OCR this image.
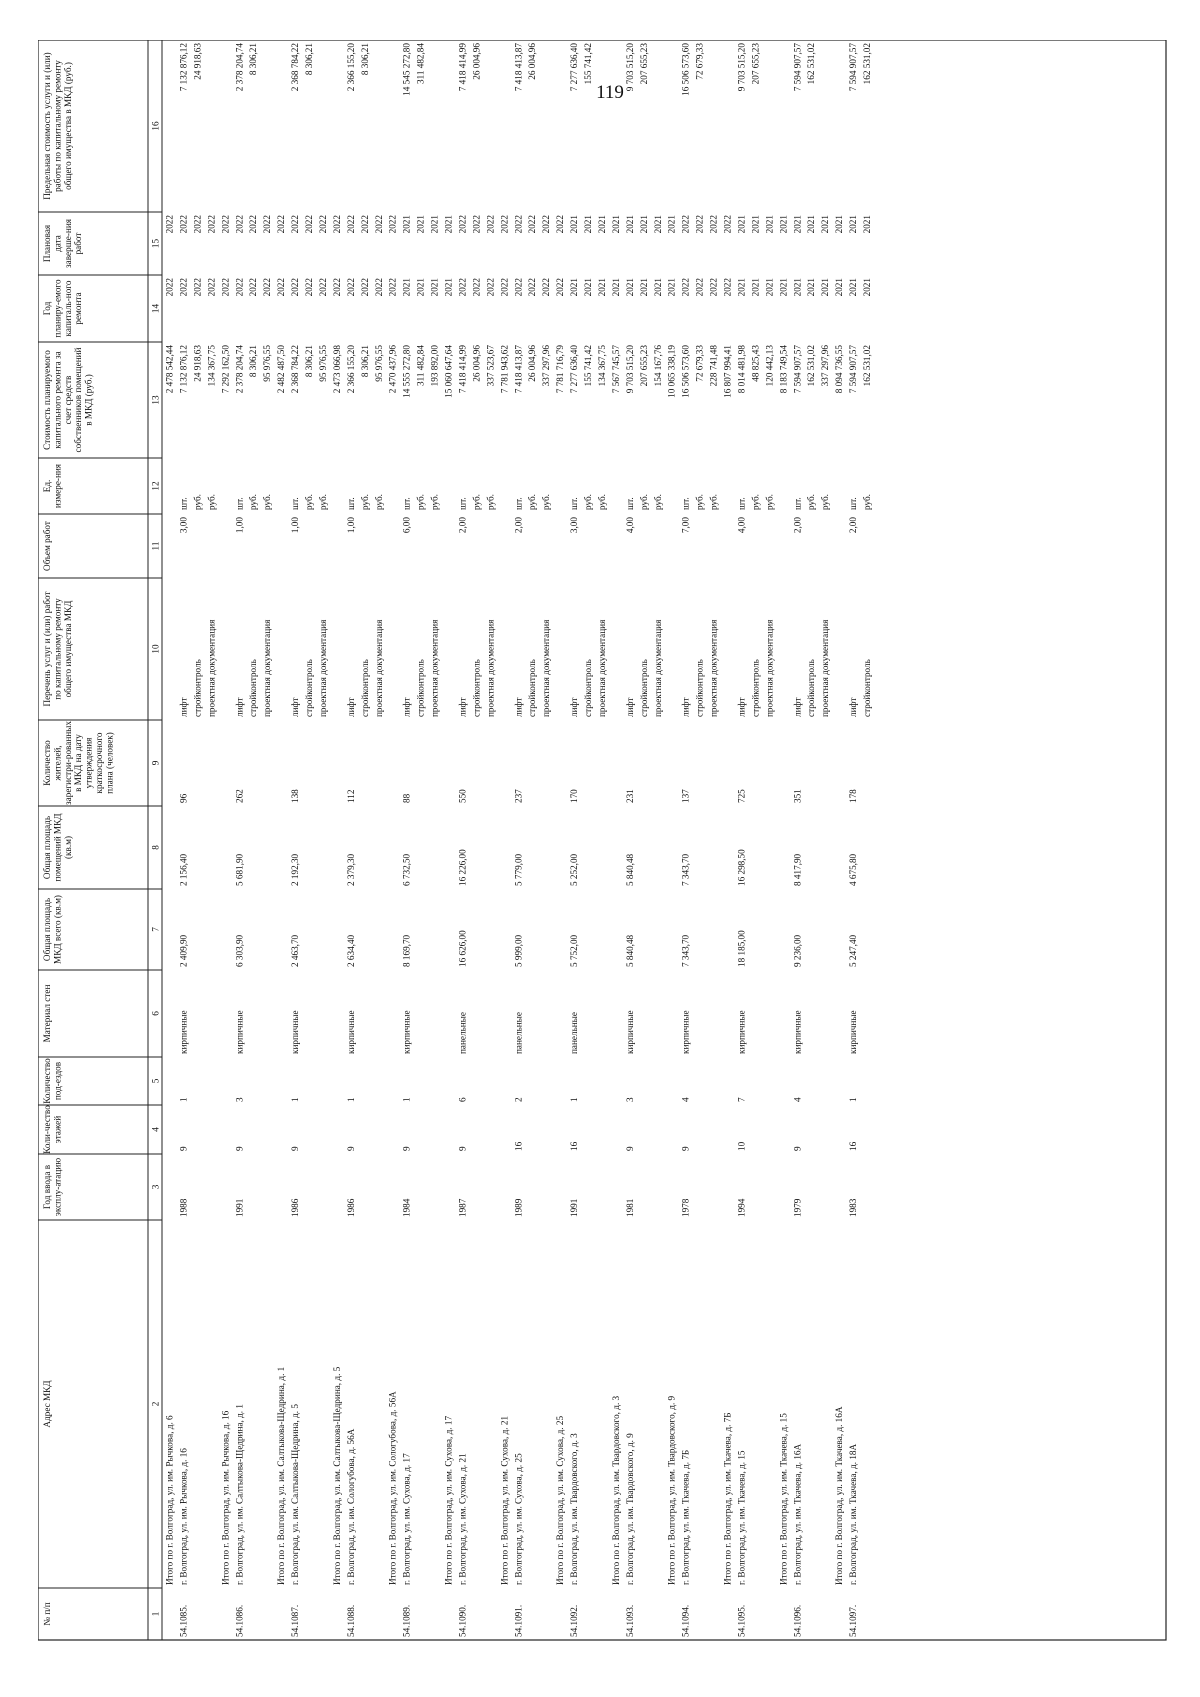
119
№ п/п
Адрес МКД
Год ввода в эксплу-атацию
Коли-чество этажей
Количество под-ездов
Материал стен
Общая площадь МКД всего (кв.м)
Общая площадь помещений МКД (кв.м)
Количество жителей, зарегистри-рованных в МКД на дату утверждения краткосрочного плана (человек)
Перечень услуг и (или) работ по капитальному ремонту общего имущества МКД
Объем работ
Ед. измере-ния
Стоимость планируемого капитального ремонта за счет средств собственников помещений в МКД (руб.)
Год планиру-емого капиталь-ного ремонта
Плановая дата заверше-ния работ
Предельная стоимость услуги и (или) работы по капитальному ремонту общего имущества в МКД (руб.)
1
2
3
4
5
6
7
8
9
10
11
12
13
14
15
16
Итого по г. Волгоград, ул. им. Рычкова, д. 6
2 478 542,44
2022
2022
54.1085.
г. Волгоград, ул. им. Рычкова, д. 16
1988
9
1
кирпичные
2 409,90
2 156,40
96
лифт
3,00
шт.
7 132 876,12
2022
2022
7 132 876,12
стройконтроль
руб.
24 918,63
2022
2022
24 918,63
проектная документация
руб.
134 367,75
2022
2022
Итого по г. Волгоград, ул. им. Рычкова, д. 16
7 292 162,50
2022
2022
54.1086.
г. Волгоград, ул. им. Салтыкова-Щедрина, д. 1
1991
9
3
кирпичные
6 303,90
5 681,90
262
лифт
1,00
шт.
2 378 204,74
2022
2022
2 378 204,74
стройконтроль
руб.
8 306,21
2022
2022
8 306,21
проектная документация
руб.
95 976,55
2022
2022
Итого по г. Волгоград, ул. им. Салтыкова-Щедрина, д. 1
2 482 487,50
2022
2022
54.1087.
г. Волгоград, ул. им. Салтыкова-Щедрина, д. 5
1986
9
1
кирпичные
2 463,70
2 192,30
138
лифт
1,00
шт.
2 368 784,22
2022
2022
2 368 784,22
стройконтроль
руб.
8 306,21
2022
2022
8 306,21
проектная документация
руб.
95 976,55
2022
2022
Итого по г. Волгоград, ул. им. Салтыкова-Щедрина, д. 5
2 473 066,98
2022
2022
54.1088.
г. Волгоград, ул. им. Сологубова, д. 56А
1986
9
1
кирпичные
2 634,40
2 379,30
112
лифт
1,00
шт.
2 366 155,20
2022
2022
2 366 155,20
стройконтроль
руб.
8 306,21
2022
2022
8 306,21
проектная документация
руб.
95 976,55
2022
2022
Итого по г. Волгоград, ул. им. Сологубова, д. 56А
2 470 437,96
2022
2022
54.1089.
г. Волгоград, ул. им. Сухова, д. 17
1984
9
1
кирпичные
8 169,70
6 732,50
88
лифт
6,00
шт.
14 555 272,80
2021
2021
14 545 272,80
стройконтроль
руб.
311 482,84
2021
2021
311 482,84
проектная документация
руб.
193 892,00
2021
2021
Итого по г. Волгоград, ул. им. Сухова, д. 17
15 060 647,64
2021
2021
54.1090.
г. Волгоград, ул. им. Сухова, д. 21
1987
9
6
панельные
16 626,00
16 226,00
550
лифт
2,00
шт.
7 418 414,99
2022
2022
7 418 414,99
стройконтроль
руб.
26 004,96
2022
2022
26 004,96
проектная документация
руб.
337 523,67
2022
2022
Итого по г. Волгоград, ул. им. Сухова, д. 21
7 781 943,62
2022
2022
54.1091.
г. Волгоград, ул. им. Сухова, д. 25
1989
16
2
панельные
5 999,00
5 779,00
237
лифт
2,00
шт.
7 418 413,87
2022
2022
7 418 413,87
стройконтроль
руб.
26 004,96
2022
2022
26 004,96
проектная документация
руб.
337 297,96
2022
2022
Итого по г. Волгоград, ул. им. Сухова, д. 25
7 781 716,79
2022
2022
54.1092.
г. Волгоград, ул. им. Твардовского, д. 3
1991
16
1
панельные
5 752,00
5 252,00
170
лифт
3,00
шт.
7 277 636,40
2021
2021
7 277 636,40
стройконтроль
руб.
155 741,42
2021
2021
155 741,42
проектная документация
руб.
134 367,75
2021
2021
Итого по г. Волгоград, ул. им. Твардовского, д. 3
7 567 745,57
2021
2021
54.1093.
г. Волгоград, ул. им. Твардовского, д. 9
1981
9
3
кирпичные
5 840,48
5 840,48
231
лифт
4,00
шт.
9 703 515,20
2021
2021
9 703 515,20
стройконтроль
руб.
207 655,23
2021
2021
207 655,23
проектная документация
руб.
154 167,76
2021
2021
Итого по г. Волгоград, ул. им. Твардовского, д. 9
10 065 338,19
2021
2021
54.1094.
г. Волгоград, ул. им. Ткачева, д. 7Б
1978
9
4
кирпичные
7 343,70
7 343,70
137
лифт
7,00
шт.
16 506 573,60
2022
2022
16 506 573,60
стройконтроль
руб.
72 679,33
2022
2022
72 679,33
проектная документация
руб.
228 741,48
2022
2022
Итого по г. Волгоград, ул. им. Ткачева, д. 7Б
16 807 994,41
2022
2022
54.1095.
г. Волгоград, ул. им. Ткачева, д. 15
1994
10
7
кирпичные
18 185,00
16 298,50
725
лифт
4,00
шт.
8 014 481,98
2021
2021
9 703 515,20
стройконтроль
руб.
48 825,43
2021
2021
207 655,23
проектная документация
руб.
120 442,13
2021
2021
Итого по г. Волгоград, ул. им. Ткачева, д. 15
8 183 749,54
2021
2021
54.1096.
г. Волгоград, ул. им. Ткачева, д. 16А
1979
9
4
кирпичные
9 236,00
8 417,90
351
лифт
2,00
шт.
7 594 907,57
2021
2021
7 594 907,57
стройконтроль
руб.
162 531,02
2021
2021
162 531,02
проектная документация
руб.
337 297,96
2021
2021
Итого по г. Волгоград, ул. им. Ткачева, д. 16А
8 094 736,55
2021
2021
54.1097.
г. Волгоград, ул. им. Ткачева, д. 18А
1983
16
1
кирпичные
5 247,40
4 675,80
178
лифт
2,00
шт.
7 594 907,57
2021
2021
7 594 907,57
стройконтроль
руб.
162 531,02
2021
2021
162 531,02
